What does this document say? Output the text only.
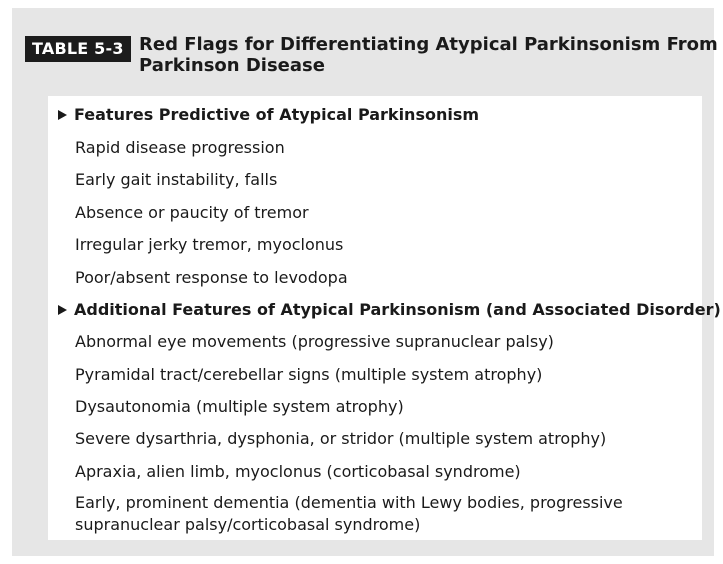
TABLE 5-3 Red Flags for Differentiating Atypical Parkinsonism From Parkinson Disease
Features Predictive of Atypical Parkinsonism
Rapid disease progression
Early gait instability, falls
Absence or paucity of tremor
Irregular jerky tremor, myoclonus
Poor/absent response to levodopa
Additional Features of Atypical Parkinsonism (and Associated Disorder)
Abnormal eye movements (progressive supranuclear palsy)
Pyramidal tract/cerebellar signs (multiple system atrophy)
Dysautonomia (multiple system atrophy)
Severe dysarthria, dysphonia, or stridor (multiple system atrophy)
Apraxia, alien limb, myoclonus (corticobasal syndrome)
Early, prominent dementia (dementia with Lewy bodies, progressive supranuclear palsy/corticobasal syndrome)
